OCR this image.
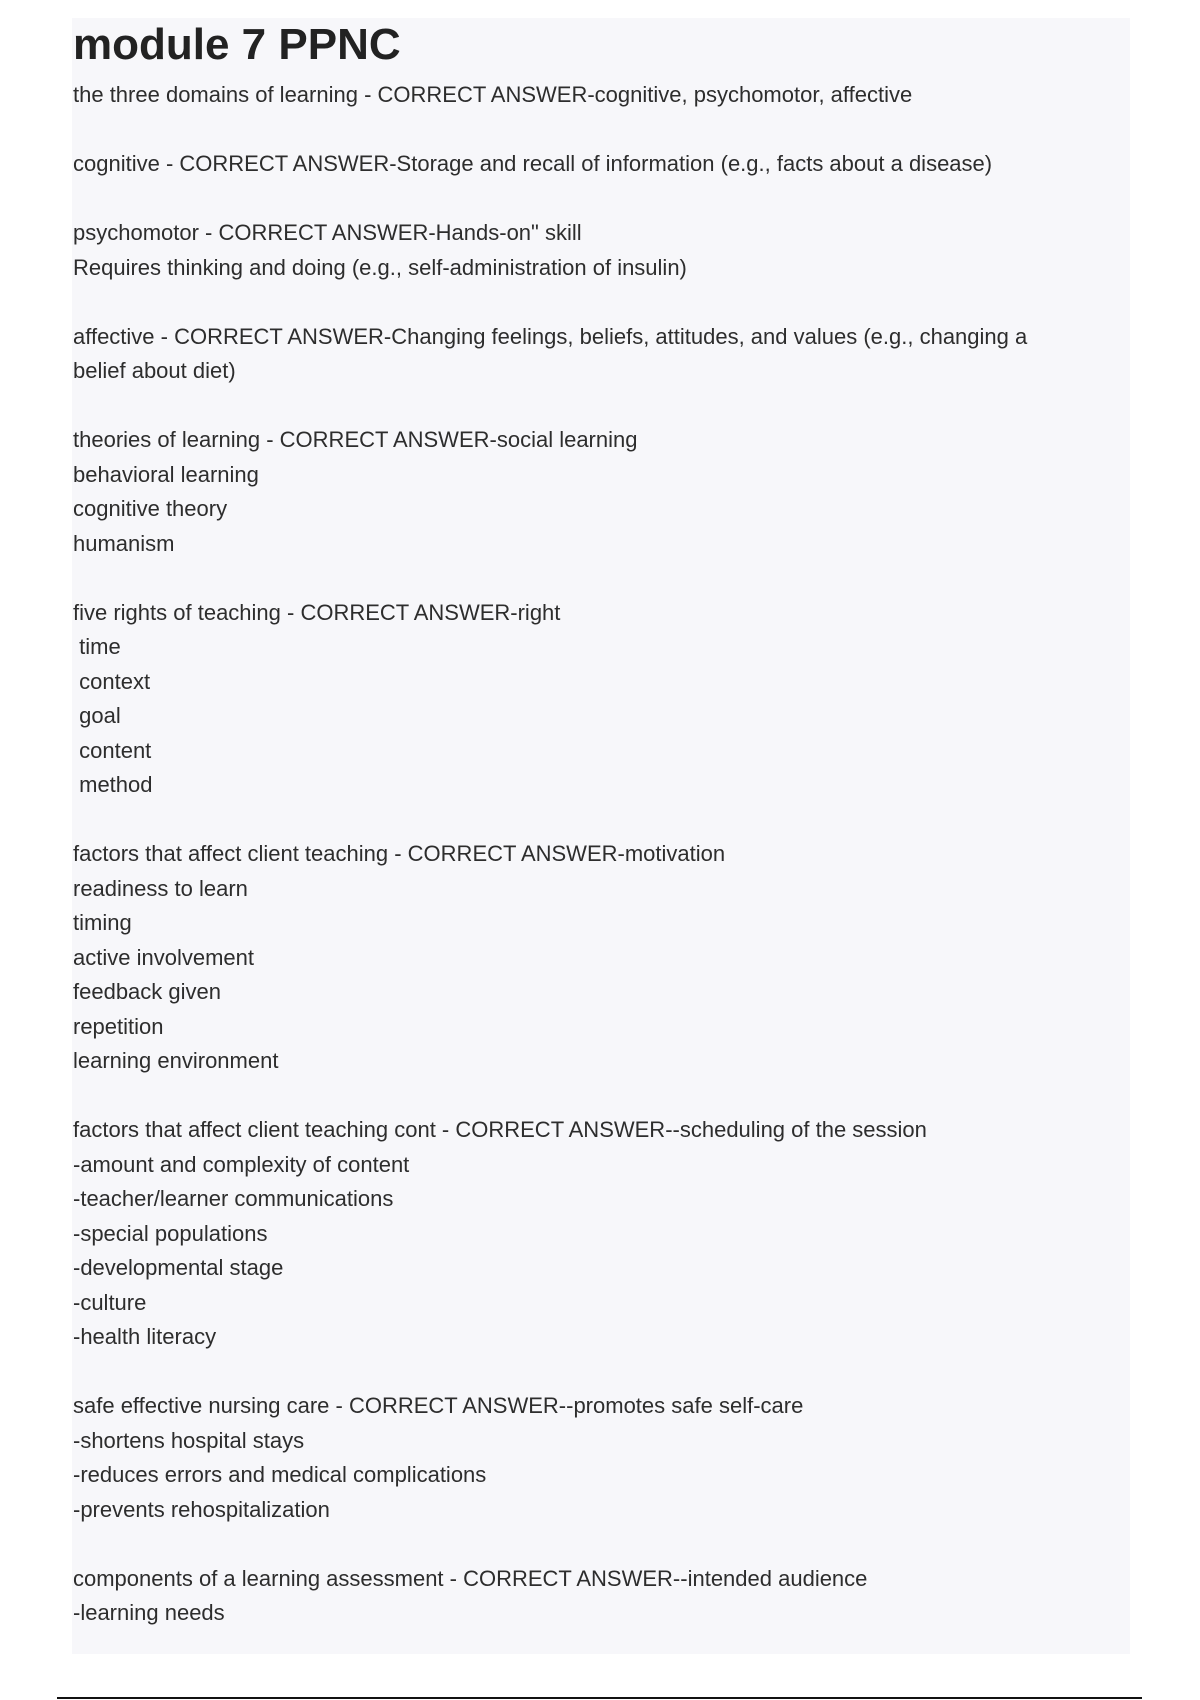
module 7 PPNC

the three domains of learning - CORRECT ANSWER-cognitive, psychomotor, affective

cognitive - CORRECT ANSWER-Storage and recall of information (e.g., facts about a disease)

psychomotor - CORRECT ANSWER-Hands-on" skill

Requires thinking and doing (e.g., self-administration of insulin)

affective - CORRECT ANSWER-Changing feelings, beliefs, attitudes, and values (e.g., changing a

belief about diet)

theories of learning - CORRECT ANSWER-social learning

behavioral learning

cognitive theory

humanism

five rights of teaching - CORRECT ANSWER-right

time

context

goal

content

method

factors that affect client teaching - CORRECT ANSWER-motivation

readiness to learn

timing

active involvement

feedback given

repetition

learning environment

factors that affect client teaching cont - CORRECT ANSWER--scheduling of the session

-amount and complexity of content

-teacher/learner communications

-special populations

-developmental stage

-culture

-health literacy

safe effective nursing care - CORRECT ANSWER--promotes safe self-care

-shortens hospital stays

-reduces errors and medical complications

-prevents rehospitalization

components of a learning assessment - CORRECT ANSWER--intended audience

-learning needs
